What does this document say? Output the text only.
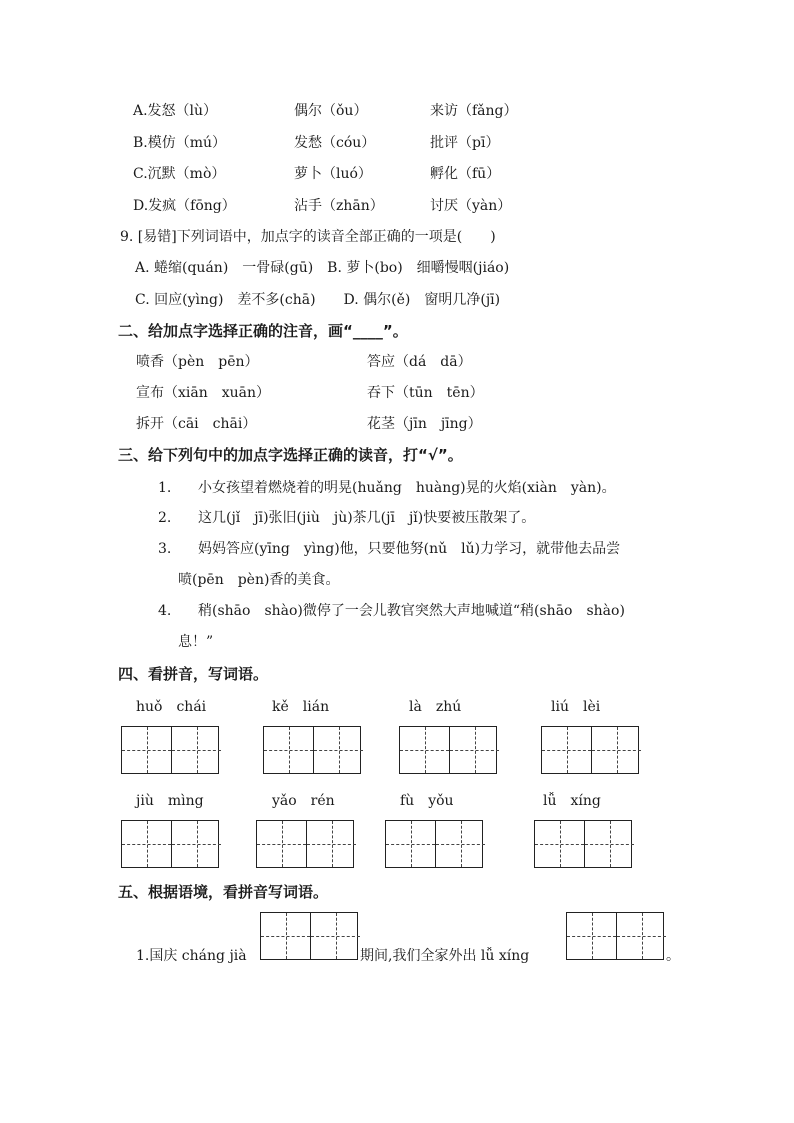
A.发怒（lù）	偶尔（ǒu）	来访（fǎng）
B.模仿（mú）	发愁（cóu）	批评（pī）
C.沉默（mò）	萝卜（luó）	孵化（fū）
D.发疯（fōng）	沾手（zhān）	讨厌（yàn）
9. [易错]下列词语中，加点字的读音全部正确的一项是(　　)
A. 蜷缩(quán)　一骨碌(gū)　B. 萝卜(bo)　细嚼慢咽(jiáo)
C. 回应(yìng)　差不多(chā)　　D. 偶尔(ě)　窗明几净(jī)
二、给加点字选择正确的注音，画“____”。
喷香（pèn　pēn）	答应（dá　dā）
宣布（xiān　xuān）	吞下（tūn　tēn）
拆开（cāi　chāi）	花茎（jīn　jīng）
三、给下列句中的加点字选择正确的读音，打“√”。
1. 小女孩望着燃烧着的明晃(huǎng　huàng)晃的火焰(xiàn　yàn)。
2. 这几(jǐ　jī)张旧(jiù　jù)茶几(jī　jǐ)快要被压散架了。
3. 妈妈答应(yīng　yìng)他，只要他努(nǔ　lǔ)力学习，就带他去品尝
喷(pēn　pèn)香的美食。
4. 稍(shāo　shào)微停了一会儿教官突然大声地喊道“稍(shāo　shào)
息！”
四、看拼音，写词语。
huǒ　chái	kě　lián	là　zhú	liú　lèi
jiù　mìng	yǎo　rén	fù　yǒu	lǚ　xíng
五、根据语境，看拼音写词语。
1.国庆 cháng jià	期间,我们全家外出 lǚ xíng	。
